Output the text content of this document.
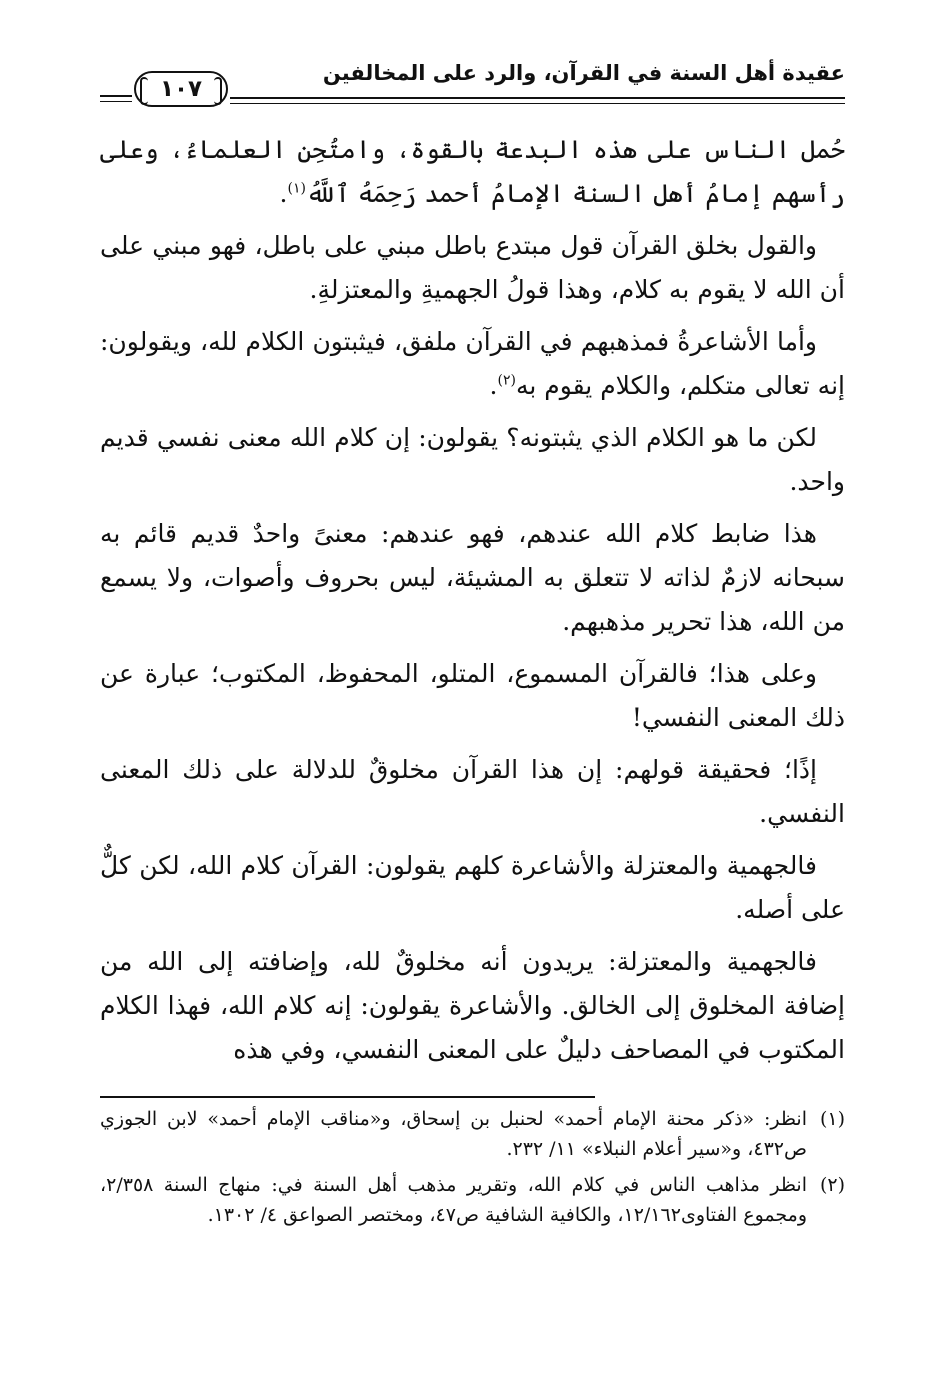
عقيدة أهل السنة في القرآن، والرد على المخالفين
١٠٧

حُمل الناس على هذه البدعة بالقوة، وامتُحِن العلماءُ، وعلى رأسهم إمامُ أهل السنة الإمامُ أحمد رَحِمَهُ ٱللَّهُ$^{(١)}$.

والقول بخلق القرآن قول مبتدع باطل مبني على باطل، فهو مبني على أن الله لا يقوم به كلام، وهذا قولُ الجهميةِ والمعتزلةِ.

وأما الأشاعرةُ فمذهبهم في القرآن ملفق، فيثبتون الكلام لله، ويقولون: إنه تعالى متكلم، والكلام يقوم به$^{(٢)}$.

لكن ما هو الكلام الذي يثبتونه؟ يقولون: إن كلام الله معنى نفسي قديم واحد.

هذا ضابط كلام الله عندهم، فهو عندهم: معنىً واحدٌ قديم قائم به سبحانه لازمٌ لذاته لا تتعلق به المشيئة، ليس بحروف وأصوات، ولا يسمع من الله، هذا تحرير مذهبهم.

وعلى هذا؛ فالقرآن المسموع، المتلو، المحفوظ، المكتوب؛ عبارة عن ذلك المعنى النفسي!

إذًا؛ فحقيقة قولهم: إن هذا القرآن مخلوقٌ للدلالة على ذلك المعنى النفسي.

فالجهمية والمعتزلة والأشاعرة كلهم يقولون: القرآن كلام الله، لكن كلٌّ على أصله.

فالجهمية والمعتزلة: يريدون أنه مخلوقٌ لله، وإضافته إلى الله من إضافة المخلوق إلى الخالق. والأشاعرة يقولون: إنه كلام الله، فهذا الكلام المكتوب في المصاحف دليلٌ على المعنى النفسي، وفي هذه

(١)انظر: «ذكر محنة الإمام أحمد» لحنبل بن إسحاق، و«مناقب الإمام أحمد» لابن الجوزي ص٤٣٢، و«سير أعلام النبلاء» ١١/ ٢٣٢.

(٢)انظر مذاهب الناس في كلام الله، وتقرير مذهب أهل السنة في: منهاج السنة ٢/٣٥٨، ومجموع الفتاوى١٢/١٦٢، والكافية الشافية ص٤٧، ومختصر الصواعق ٤/ ١٣٠٢.
